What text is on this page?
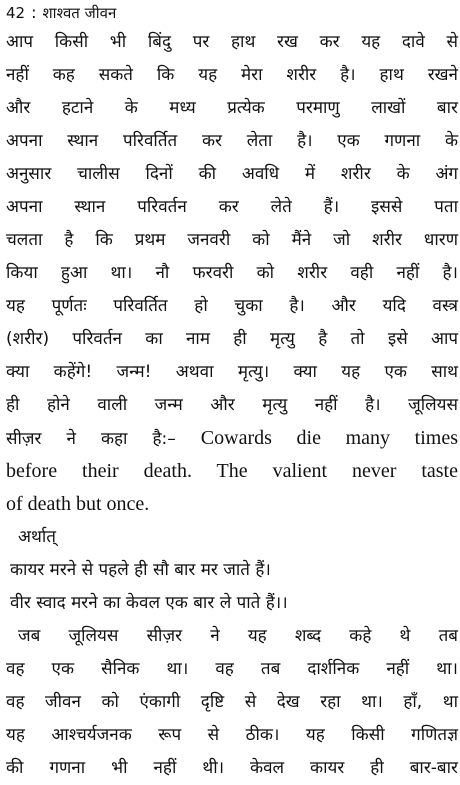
42 : शाश्वत जीवन
आप किसी भी बिंदु पर हाथ रख कर यह दावे से
नहीं कह सकते कि यह मेरा शरीर है। हाथ रखने
और हटाने के मध्य प्रत्येक परमाणु लाखों बार
अपना स्थान परिवर्तित कर लेता है। एक गणना के
अनुसार चालीस दिनों की अवधि में शरीर के अंग
अपना स्थान परिवर्तन कर लेते हैं। इससे पता
चलता है कि प्रथम जनवरी को मैंने जो शरीर धारण
किया हुआ था। नौ फरवरी को शरीर वही नहीं है।
यह पूर्णतः परिवर्तित हो चुका है। और यदि वस्त्र
(शरीर) परिवर्तन का नाम ही मृत्यु है तो इसे आप
क्या कहेंगे! जन्म! अथवा मृत्यु। क्या यह एक साथ
ही होने वाली जन्म और मृत्यु नहीं है। जूलियस
सीज़र ने कहा है:– Cowards die many times
before their death. The valient never taste
of death but once.
अर्थात्
कायर मरने से पहले ही सौ बार मर जाते हैं।
वीर स्वाद मरने का केवल एक बार ले पाते हैं।।
जब जूलियस सीज़र ने यह शब्द कहे थे तब
वह एक सैनिक था। वह तब दार्शनिक नहीं था।
वह जीवन को एंकागी दृष्टि से देख रहा था। हाँ, था
यह आश्चर्यजनक रूप से ठीक। यह किसी गणितज्ञ
की गणना भी नहीं थी। केवल कायर ही बार-बार
